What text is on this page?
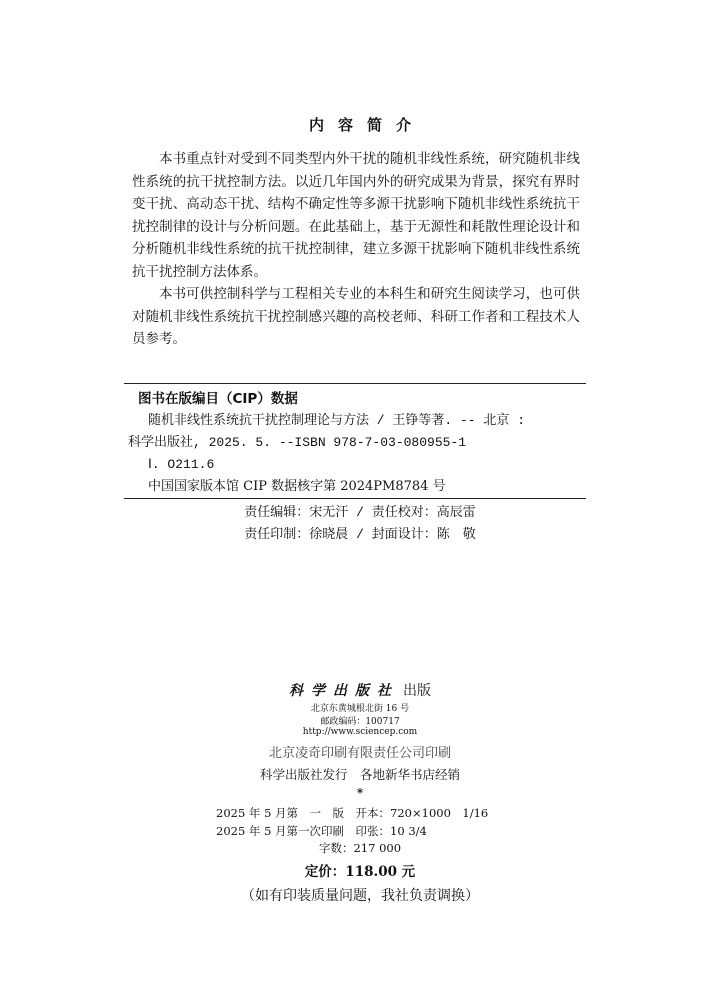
内容简介

本书重点针对受到不同类型内外干扰的随机非线性系统，研究随机非线性系统的抗干扰控制方法。以近几年国内外的研究成果为背景，探究有界时变干扰、高动态干扰、结构不确定性等多源干扰影响下随机非线性系统抗干扰控制律的设计与分析问题。在此基础上，基于无源性和耗散性理论设计和分析随机非线性系统的抗干扰控制律，建立多源干扰影响下随机非线性系统抗干扰控制方法体系。

本书可供控制科学与工程相关专业的本科生和研究生阅读学习，也可供对随机非线性系统抗干扰控制感兴趣的高校老师、科研工作者和工程技术人员参考。

图书在版编目（CIP）数据
随机非线性系统抗干扰控制理论与方法 / 王铮等著. -- 北京 :
科学出版社, 2025. 5. --ISBN 978-7-03-080955-1
Ⅰ. O211.6
中国国家版本馆 CIP 数据核字第 2024PM8784 号
责任编辑：宋无汗 / 责任校对：高辰雷
责任印制：徐晓晨 / 封面设计：陈　敬
科学出版社 出版
北京东黄城根北街 16 号
邮政编码：100717
http://www.sciencep.com
北京凌奇印刷有限责任公司印刷
科学出版社发行　各地新华书店经销
*
2025 年 5 月第　一　版　开本：720×1000　1/16
2025 年 5 月第一次印刷　印张：10 3/4
字数：217 000
定价：118.00 元
（如有印装质量问题，我社负责调换）
